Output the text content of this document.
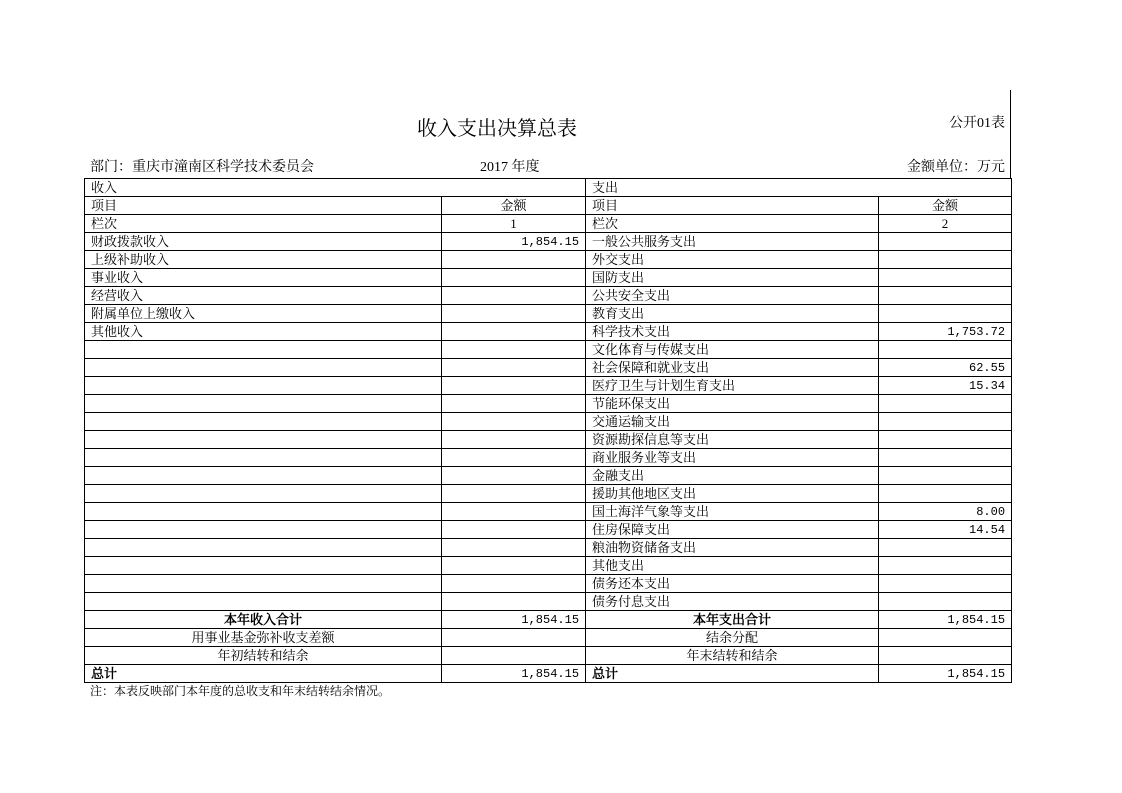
收入支出决算总表	公开01表
部门：重庆市潼南区科学技术委员会	2017 年度	金额单位：万元
收入		支出	
项目	金额	项目	金额
栏次	1	栏次	2
财政拨款收入	1,854.15	一般公共服务支出	
上级补助收入		外交支出	
事业收入		国防支出	
经营收入		公共安全支出	
附属单位上缴收入		教育支出	
其他收入		科学技术支出	1,753.72
		文化体育与传媒支出	
		社会保障和就业支出	62.55
		医疗卫生与计划生育支出	15.34
		节能环保支出	
		交通运输支出	
		资源勘探信息等支出	
		商业服务业等支出	
		金融支出	
		援助其他地区支出	
		国土海洋气象等支出	8.00
		住房保障支出	14.54
		粮油物资储备支出	
		其他支出	
		债务还本支出	
		债务付息支出	
本年收入合计	1,854.15	本年支出合计	1,854.15
用事业基金弥补收支差额		结余分配	
年初结转和结余		年末结转和结余	
总计	1,854.15	总计	1,854.15
注：本表反映部门本年度的总收支和年末结转结余情况。
